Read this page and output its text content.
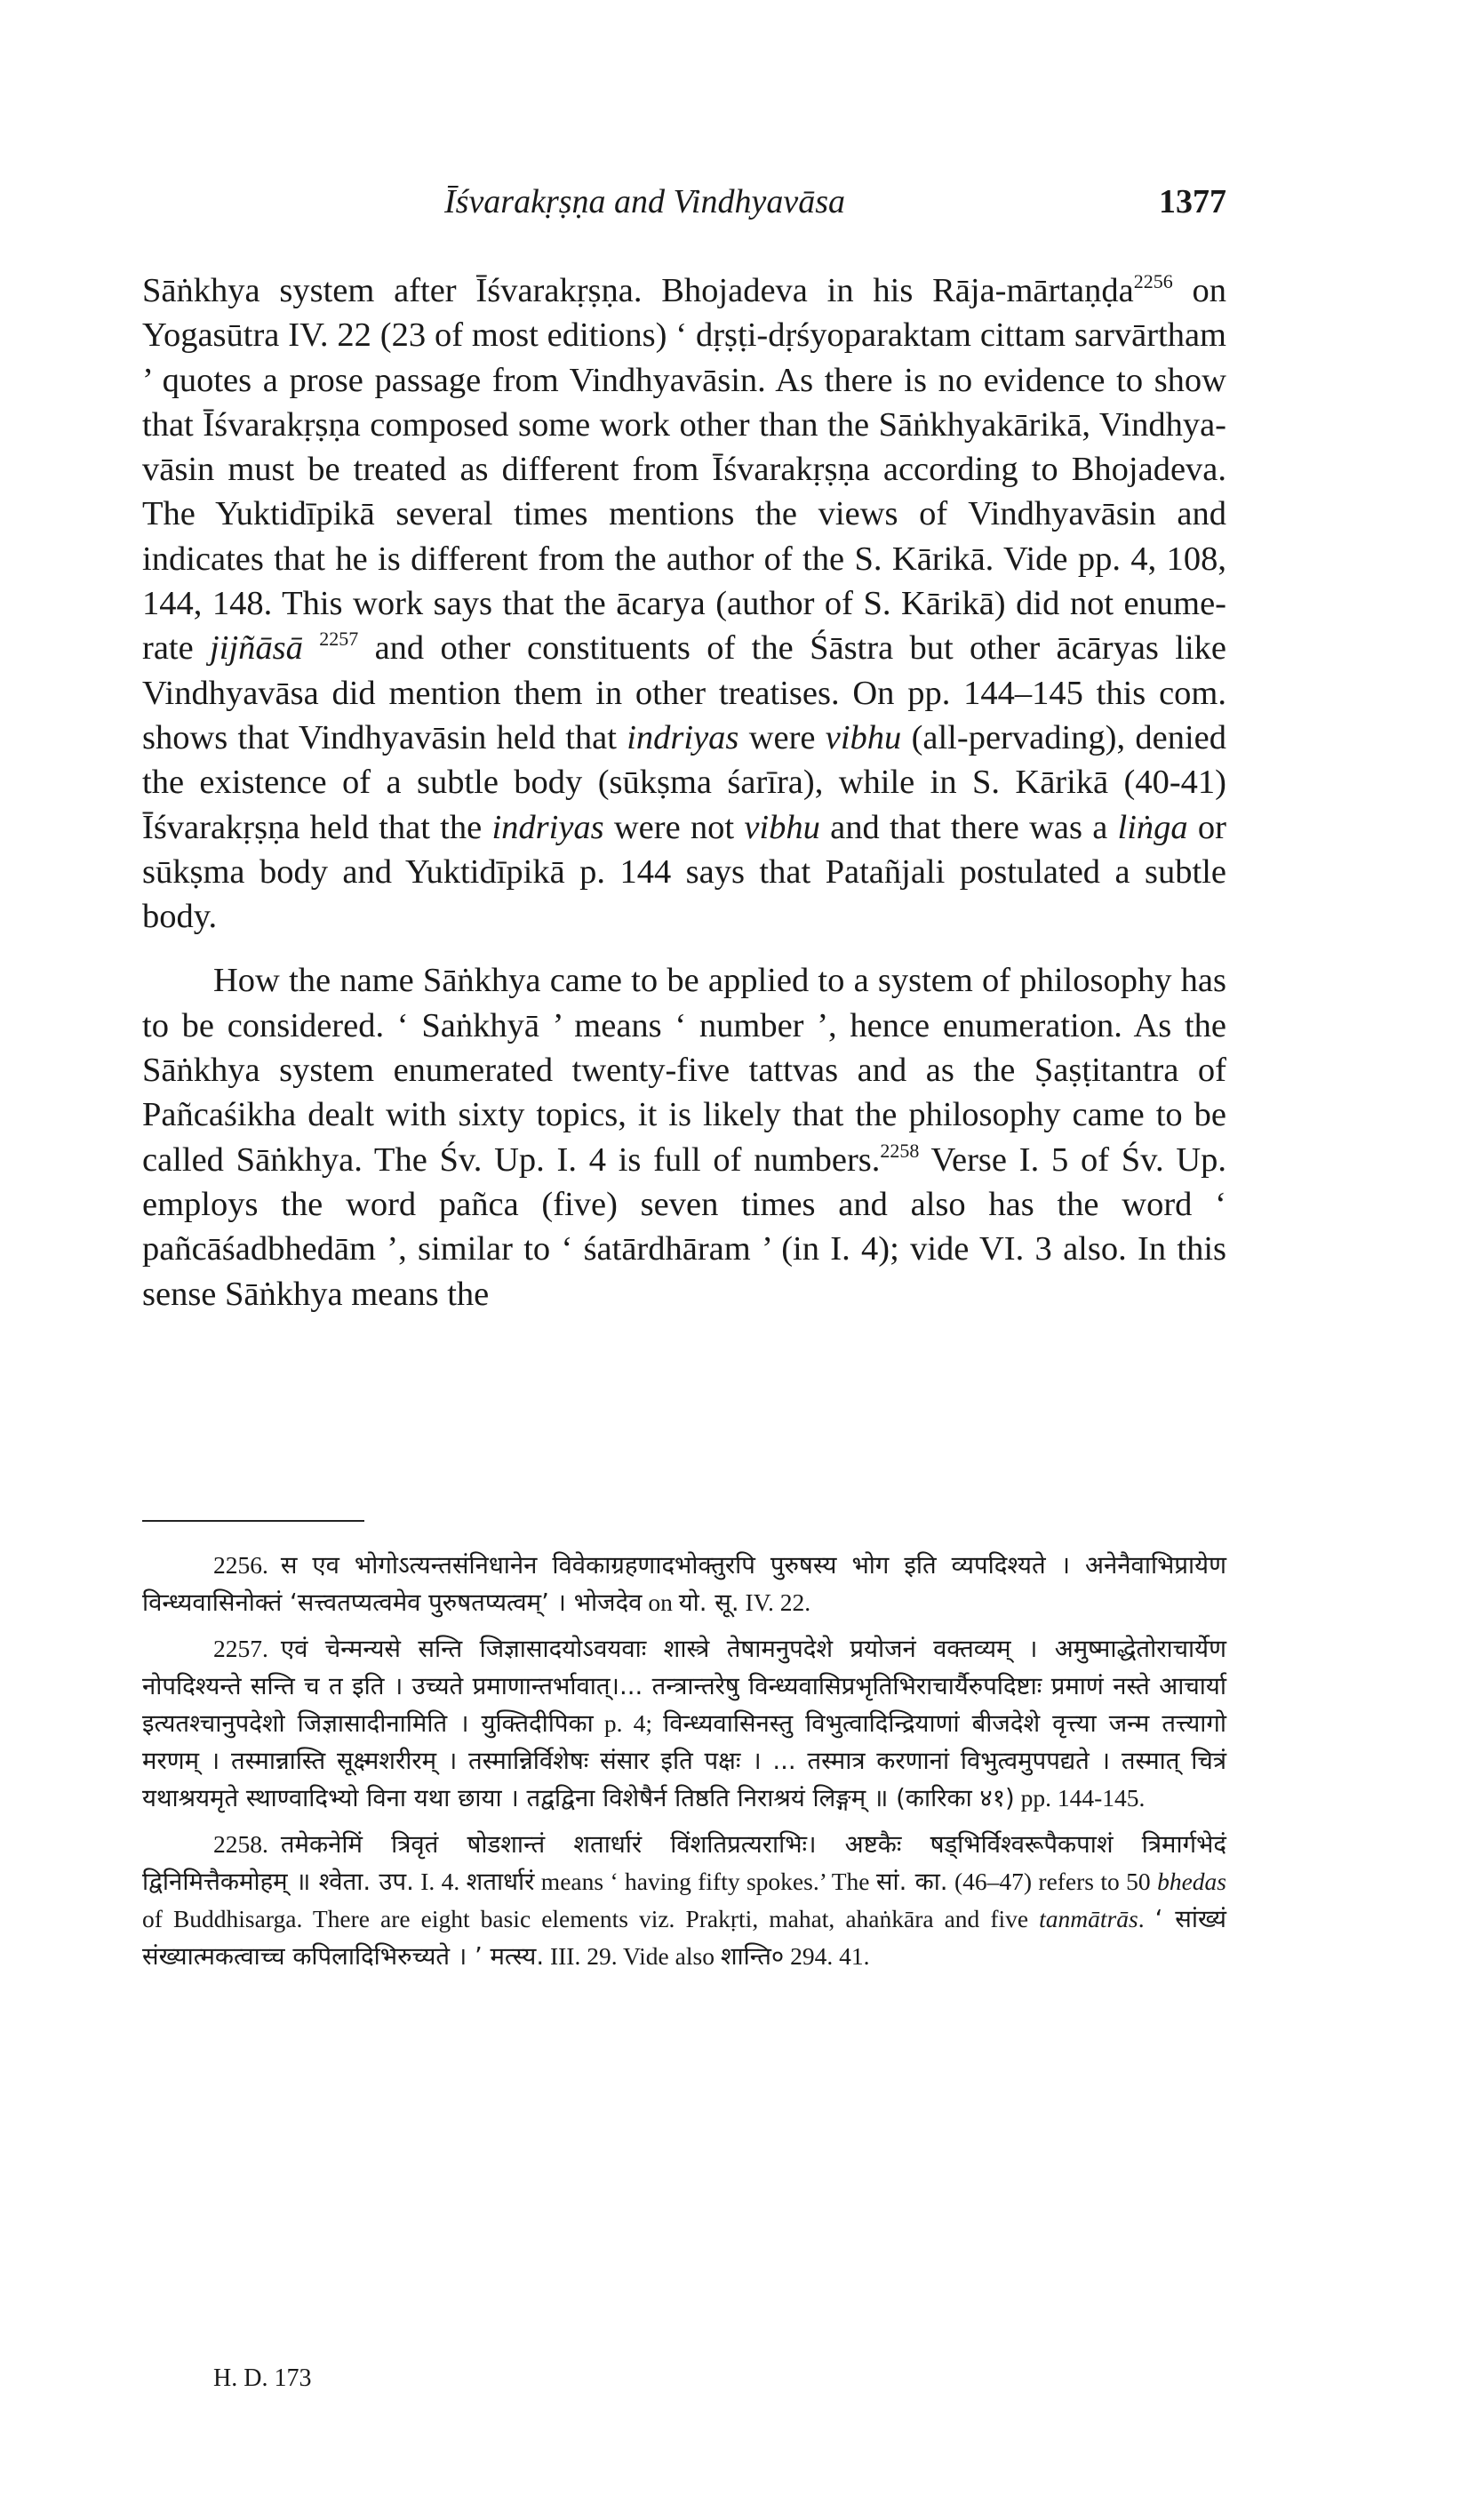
Īśvarakṛṣṇa and Vindhyavāsa	1377

Sāṅkhya system after Īśvarakṛṣṇa. Bhojadeva in his Rāja-mārtaṇḍa$^{2256}$ on Yogasūtra IV. 22 (23 of most editions) ‘ dṛṣṭi-dṛśyoparaktam cittam sarvārtham ’ quotes a prose passage from Vindhyavāsin. As there is no evidence to show that Īśvarakṛṣṇa composed some work other than the Sāṅkhyakārikā, Vindhya-vāsin must be treated as different from Īśvarakṛṣṇa according to Bhojadeva. The Yuktidīpikā several times mentions the views of Vindhyavāsin and indicates that he is different from the author of the S. Kārikā. Vide pp. 4, 108, 144, 148. This work says that the ācarya (author of S. Kārikā) did not enume-rate jijñāsā $^{2257}$ and other constituents of the Śāstra but other ācāryas like Vindhyavāsa did mention them in other treatises. On pp. 144–145 this com. shows that Vindhyavāsin held that indriyas were vibhu (all-pervading), denied the existence of a subtle body (sūkṣma śarīra), while in S. Kārikā (40-41) Īśvarakṛṣṇa held that the indriyas were not vibhu and that there was a liṅga or sūkṣma body and Yuktidīpikā p. 144 says that Patañjali postulated a subtle body.

How the name Sāṅkhya came to be applied to a system of philosophy has to be considered. ‘ Saṅkhyā ’ means ‘ number ’, hence enumeration. As the Sāṅkhya system enumerated twenty-five tattvas and as the Ṣaṣṭitantra of Pañcaśikha dealt with sixty topics, it is likely that the philosophy came to be called Sāṅkhya. The Śv. Up. I. 4 is full of numbers.$^{2258}$ Verse I. 5 of Śv. Up. employs the word pañca (five) seven times and also has the word ‘ pañcāśadbhedām ’, similar to ‘ śatārdhāram ’ (in I. 4); vide VI. 3 also. In this sense Sāṅkhya means the

2256. स एव भोगोऽत्यन्तसंनिधानेन विवेकाग्रहणादभोक्तुरपि पुरुषस्य भोग इति व्यपदिश्यते । अनेनैवाभिप्रायेण विन्ध्यवासिनोक्तं ‘सत्त्वतप्यत्वमेव पुरुषतप्यत्वम्’ । भोजदेव on यो. सू. IV. 22.
2257. एवं चेन्मन्यसे सन्ति जिज्ञासादयोऽवयवाः शास्त्रे तेषामनुपदेशे प्रयोजनं वक्तव्यम् । अमुष्माद्धेतोराचार्येण नोपदिश्यन्ते सन्ति च त इति । उच्यते प्रमाणान्तर्भावात्।... तन्त्रान्तरेषु विन्ध्यवासिप्रभृतिभिराचार्यैरुपदिष्टाः प्रमाणं नस्ते आचार्या इत्यतश्चानुपदेशो जिज्ञासादीनामिति । युक्तिदीपिका p. 4; विन्ध्यवासिनस्तु विभुत्वादिन्द्रियाणां बीजदेशे वृत्त्या जन्म तत्त्यागो मरणम् । तस्मान्नास्ति सूक्ष्मशरीरम् । तस्मान्निर्विशेषः संसार इति पक्षः । ... तस्मात्र करणानां विभुत्वमुपपद्यते । तस्मात् चित्रं यथाश्रयमृते स्थाण्वादिभ्यो विना यथा छाया । तद्वद्विना विशेषैर्न तिष्ठति निराश्रयं लिङ्गम् ॥ (कारिका ४१) pp. 144-145.
2258. तमेकनेमिं त्रिवृतं षोडशान्तं शतार्धारं विंशतिप्रत्यराभिः। अष्टकैः षड्भिर्विश्वरूपैकपाशं त्रिमार्गभेदं द्विनिमित्तैकमोहम् ॥ श्वेता. उप. I. 4. शतार्धारं means ‘ having fifty spokes.’ The सां. का. (46–47) refers to 50 bhedas of Buddhisarga. There are eight basic elements viz. Prakṛti, mahat, ahaṅkāra and five tanmātrās. ‘ सांख्यं संख्यात्मकत्वाच्च कपिलादिभिरुच्यते । ’ मत्स्य. III. 29. Vide also शान्ति० 294. 41.
H. D. 173
